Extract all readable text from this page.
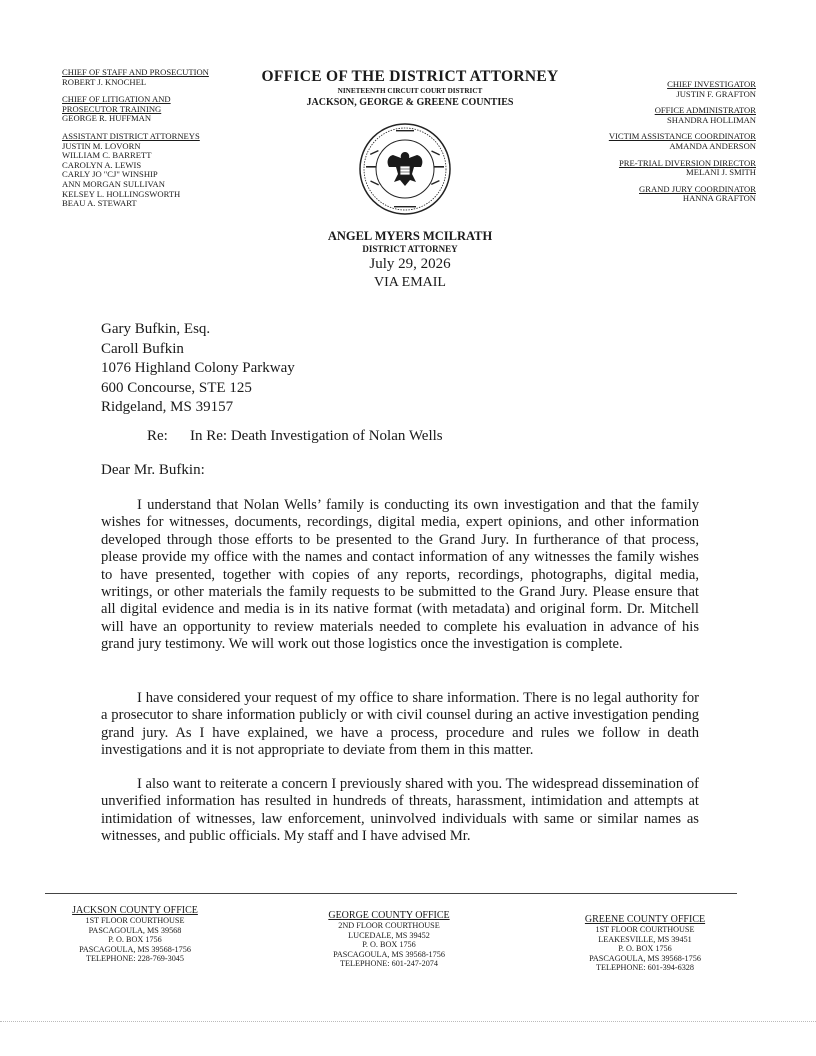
CHIEF OF STAFF AND PROSECUTION
ROBERT J. KNOCHEL
CHIEF OF LITIGATION AND
PROSECUTOR TRAINING
GEORGE R. HUFFMAN
ASSISTANT DISTRICT ATTORNEYS
JUSTIN M. LOVORN
WILLIAM C. BARRETT
CAROLYN A. LEWIS
CARLY JO "CJ" WINSHIP
ANN MORGAN SULLIVAN
KELSEY L. HOLLINGSWORTH
BEAU A. STEWART
OFFICE OF THE DISTRICT ATTORNEY
NINETEENTH CIRCUIT COURT DISTRICT
JACKSON, GEORGE & GREENE COUNTIES
CHIEF INVESTIGATOR
JUSTIN F. GRAFTON
OFFICE ADMINISTRATOR
SHANDRA HOLLIMAN
VICTIM ASSISTANCE COORDINATOR
AMANDA ANDERSON
PRE-TRIAL DIVERSION DIRECTOR
MELANI J. SMITH
GRAND JURY COORDINATOR
HANNA GRAFTON
ANGEL MYERS MCILRATH
DISTRICT ATTORNEY
July 29, 2026
VIA EMAIL
Gary Bufkin, Esq.
Caroll Bufkin
1076 Highland Colony Parkway
600 Concourse, STE 125
Ridgeland, MS 39157
Re: In Re: Death Investigation of Nolan Wells
Dear Mr. Bufkin:

I understand that Nolan Wells’ family is conducting its own investigation and that the family wishes for witnesses, documents, recordings, digital media, expert opinions, and other information developed through those efforts to be presented to the Grand Jury. In furtherance of that process, please provide my office with the names and contact information of any witnesses the family wishes to have presented, together with copies of any reports, recordings, photographs, digital media, writings, or other materials the family requests to be submitted to the Grand Jury. Please ensure that all digital evidence and media is in its native format (with metadata) and original form. Dr. Mitchell will have an opportunity to review materials needed to complete his evaluation in advance of his grand jury testimony. We will work out those logistics once the investigation is complete.

I have considered your request of my office to share information. There is no legal authority for a prosecutor to share information publicly or with civil counsel during an active investigation pending grand jury. As I have explained, we have a process, procedure and rules we follow in death investigations and it is not appropriate to deviate from them in this matter.

I also want to reiterate a concern I previously shared with you. The widespread dissemination of unverified information has resulted in hundreds of threats, harassment, intimidation and attempts at intimidation of witnesses, law enforcement, uninvolved individuals with same or similar names as witnesses, and public officials. My staff and I have advised Mr.

JACKSON COUNTY OFFICE
1ST FLOOR COURTHOUSE
PASCAGOULA, MS 39568
P. O. BOX 1756
PASCAGOULA, MS 39568-1756
TELEPHONE: 228-769-3045
GEORGE COUNTY OFFICE
2ND FLOOR COURTHOUSE
LUCEDALE, MS 39452
P. O. BOX 1756
PASCAGOULA, MS 39568-1756
TELEPHONE: 601-247-2074
GREENE COUNTY OFFICE
1ST FLOOR COURTHOUSE
LEAKESVILLE, MS 39451
P. O. BOX 1756
PASCAGOULA, MS 39568-1756
TELEPHONE: 601-394-6328
